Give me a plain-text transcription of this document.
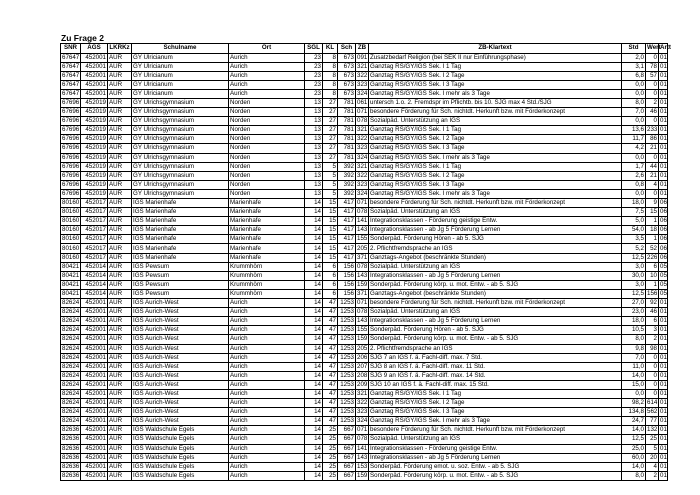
Zu Frage 2
SNR	AGS	LKRKz	Schulname	Ort	SGL	KL	Sch	ZB	ZB-Klartext	Std	Wert	Artt
67647	452001	AUR	GY Ulricianum	Aurich	23	8	673	091	Zusatzbedarf Religion (bei SEK II nur Einführungsphase)	2,0	0	01
67647	452001	AUR	GY Ulricianum	Aurich	23	8	673	321	Ganztag RS/GY/IGS Sek. I 1 Tag	3,1	78	01
67647	452001	AUR	GY Ulricianum	Aurich	23	8	673	322	Ganztag RS/GY/IGS Sek. I 2 Tage	6,8	57	01
67647	452001	AUR	GY Ulricianum	Aurich	23	8	673	323	Ganztag RS/GY/IGS Sek. I 3 Tage	0,0	0	01
67647	452001	AUR	GY Ulricianum	Aurich	23	8	673	324	Ganztag RS/GY/IGS Sek. I mehr als 3 Tage	0,0	0	01
67696	452019	AUR	GY Ulrichsgymnasium	Norden	13	27	781	061	untersch 1.o. 2. Fremdspr im Pflichtb. bis 10. SJG max 4 Std./SJG	8,0	2	01
67696	452019	AUR	GY Ulrichsgymnasium	Norden	13	27	781	071	besondere Förderung für Sch. nichtdt. Herkunft bzw. mit Förderkonzept	7,0	46	01
67696	452019	AUR	GY Ulrichsgymnasium	Norden	13	27	781	078	Sozialpäd. Unterstützung an IGS	0,0	0	01
67696	452019	AUR	GY Ulrichsgymnasium	Norden	13	27	781	321	Ganztag RS/GY/IGS Sek. I 1 Tag	13,6	233	01
67696	452019	AUR	GY Ulrichsgymnasium	Norden	13	27	781	322	Ganztag RS/GY/IGS Sek. I 2 Tage	11,7	86	01
67696	452019	AUR	GY Ulrichsgymnasium	Norden	13	27	781	323	Ganztag RS/GY/IGS Sek. I 3 Tage	4,2	21	01
67696	452019	AUR	GY Ulrichsgymnasium	Norden	13	27	781	324	Ganztag RS/GY/IGS Sek. I mehr als 3 Tage	0,0	0	01
67696	452019	AUR	GY Ulrichsgymnasium	Norden	13	5	392	321	Ganztag RS/GY/IGS Sek. I 1 Tag	1,7	44	01
67696	452019	AUR	GY Ulrichsgymnasium	Norden	13	5	392	322	Ganztag RS/GY/IGS Sek. I 2 Tage	2,6	21	01
67696	452019	AUR	GY Ulrichsgymnasium	Norden	13	5	392	323	Ganztag RS/GY/IGS Sek. I 3 Tage	0,8	4	01
67696	452019	AUR	GY Ulrichsgymnasium	Norden	13	5	392	324	Ganztag RS/GY/IGS Sek. I mehr als 3 Tage	0,0	0	01
80160	452017	AUR	IGS Marienhafe	Marienhafe	14	15	417	071	besondere Förderung für Sch. nichtdt. Herkunft bzw. mit Förderkonzept	18,0	9	06
80160	452017	AUR	IGS Marienhafe	Marienhafe	14	15	417	078	Sozialpäd. Unterstützung an IGS	7,5	15	06
80160	452017	AUR	IGS Marienhafe	Marienhafe	14	15	417	141	Integrationsklassen - Förderung geistige Entw.	5,0	1	06
80160	452017	AUR	IGS Marienhafe	Marienhafe	14	15	417	143	Integrationsklassen - ab Jg 5 Förderung Lernen	54,0	18	06
80160	452017	AUR	IGS Marienhafe	Marienhafe	14	15	417	155	Sonderpäd. Förderung Hören - ab 5. SJG	3,5	1	06
80160	452017	AUR	IGS Marienhafe	Marienhafe	14	15	417	205	2. Pflichtfremdsprache an IGS	5,2	52	06
80160	452017	AUR	IGS Marienhafe	Marienhafe	14	15	417	371	Ganztags-Angebot (beschränkte Stunden)	12,5	226	06
80421	452014	AUR	IGS Pewsum	Krummhörn	14	6	156	078	Sozialpäd. Unterstützung an IGS	3,0	6	05
80421	452014	AUR	IGS Pewsum	Krummhörn	14	6	156	143	Integrationsklassen - ab Jg 5 Förderung Lernen	30,0	10	05
80421	452014	AUR	IGS Pewsum	Krummhörn	14	6	156	159	Sonderpäd. Förderung körp. u. mot. Entw. - ab 5. SJG	3,0	1	05
80421	452014	AUR	IGS Pewsum	Krummhörn	14	6	156	371	Ganztags-Angebot (beschränkte Stunden)	12,5	156	05
82624	452001	AUR	IGS Aurich-West	Aurich	14	47	1253	071	besondere Förderung für Sch. nichtdt. Herkunft bzw. mit Förderkonzept	27,0	92	01
82624	452001	AUR	IGS Aurich-West	Aurich	14	47	1253	078	Sozialpäd. Unterstützung an IGS	23,0	46	01
82624	452001	AUR	IGS Aurich-West	Aurich	14	47	1253	143	Integrationsklassen - ab Jg 5 Förderung Lernen	18,0	6	01
82624	452001	AUR	IGS Aurich-West	Aurich	14	47	1253	155	Sonderpäd. Förderung Hören - ab 5. SJG	10,5	3	01
82624	452001	AUR	IGS Aurich-West	Aurich	14	47	1253	159	Sonderpäd. Förderung körp. u. mot. Entw. - ab 5. SJG	8,0	2	01
82624	452001	AUR	IGS Aurich-West	Aurich	14	47	1253	205	2. Pflichtfremdsprache an IGS	9,8	98	01
82624	452001	AUR	IGS Aurich-West	Aurich	14	47	1253	206	SJG 7 an IGS f. ä. Fachl-diff. max. 7 Std.	7,0	0	01
82624	452001	AUR	IGS Aurich-West	Aurich	14	47	1253	207	SJG 8 an IGS f. ä. Fachl-diff. max. 11 Std.	11,0	0	01
82624	452001	AUR	IGS Aurich-West	Aurich	14	47	1253	208	SJG 9 an IGS f. ä. Fachl-diff. max. 14 Std.	14,0	0	01
82624	452001	AUR	IGS Aurich-West	Aurich	14	47	1253	209	SJG 10 an IGS f. ä. Fachl-diff. max. 15 Std.	15,0	0	01
82624	452001	AUR	IGS Aurich-West	Aurich	14	47	1253	321	Ganztag RS/GY/IGS Sek. I 1 Tag	0,0	0	01
82624	452001	AUR	IGS Aurich-West	Aurich	14	47	1253	322	Ganztag RS/GY/IGS Sek. I 2 Tage	98,2	614	01
82624	452001	AUR	IGS Aurich-West	Aurich	14	47	1253	323	Ganztag RS/GY/IGS Sek. I 3 Tage	134,8	562	01
82624	452001	AUR	IGS Aurich-West	Aurich	14	47	1253	324	Ganztag RS/GY/IGS Sek. I mehr als 3 Tage	24,7	77	01
82636	452001	AUR	IGS Waldschule Egels	Aurich	14	25	667	071	besondere Förderung für Sch. nichtdt. Herkunft bzw. mit Förderkonzept	14,0	132	01
82636	452001	AUR	IGS Waldschule Egels	Aurich	14	25	667	078	Sozialpäd. Unterstützung an IGS	12,5	25	01
82636	452001	AUR	IGS Waldschule Egels	Aurich	14	25	667	141	Integrationsklassen - Förderung geistige Entw.	25,0	5	01
82636	452001	AUR	IGS Waldschule Egels	Aurich	14	25	667	143	Integrationsklassen - ab Jg 5 Förderung Lernen	60,0	20	01
82636	452001	AUR	IGS Waldschule Egels	Aurich	14	25	667	153	Sonderpäd. Förderung emot. u. soz. Entw. - ab 5. SJG	14,0	4	01
82636	452001	AUR	IGS Waldschule Egels	Aurich	14	25	667	159	Sonderpäd. Förderung körp. u. mot. Entw. - ab 5. SJG	8,0	2	01
